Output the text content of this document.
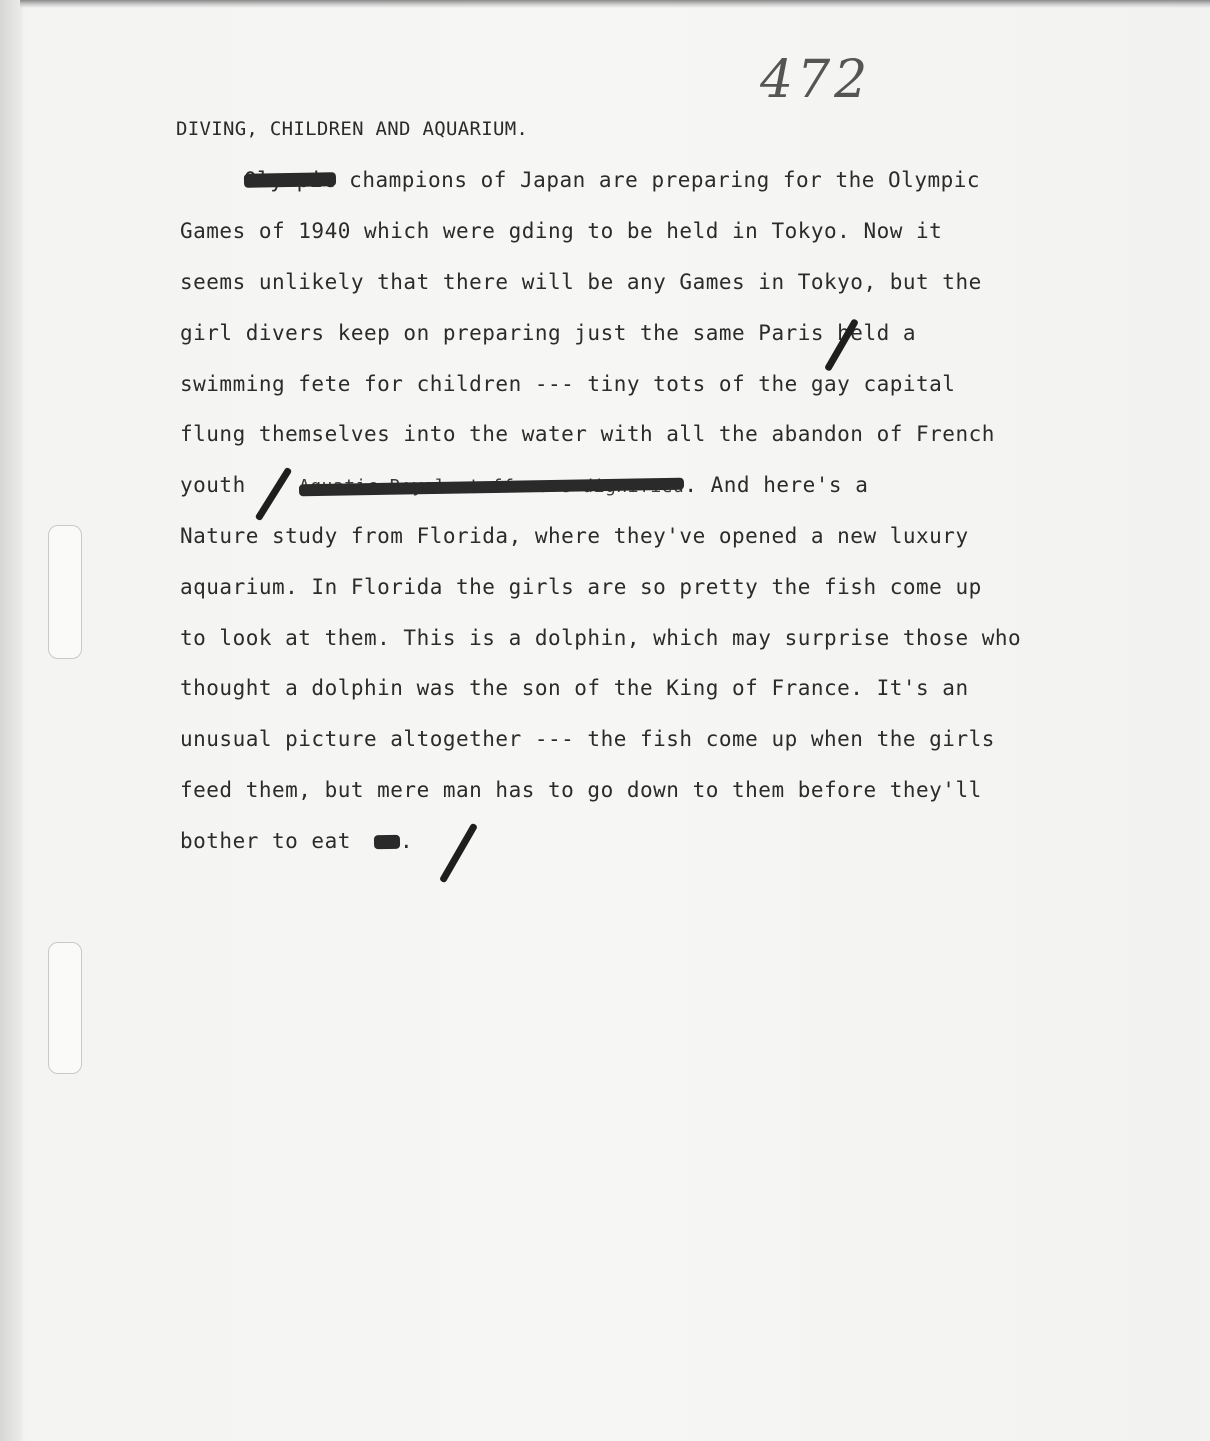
472
DIVING, CHILDREN AND AQUARIUM.
champions of Japan are preparing for the Olympic
Games of 1940 which were gding to be held in Tokyo. Now it
seems unlikely that there will be any Games in Tokyo, but the
girl divers keep on preparing just the same Paris held a
swimming fete for children --- tiny tots of the gay capital
flung themselves into the water with all the abandon of French
youth	. And here's a
Nature study from Florida, where they've opened a new luxury
aquarium. In Florida the girls are so pretty the fish come up
to look at them. This is a dolphin, which may surprise those who
thought a dolphin was the son of the King of France. It's an
unusual picture altogether --- the fish come up when the girls
feed them, but mere man has to go down to them before they'll
bother to eat .
